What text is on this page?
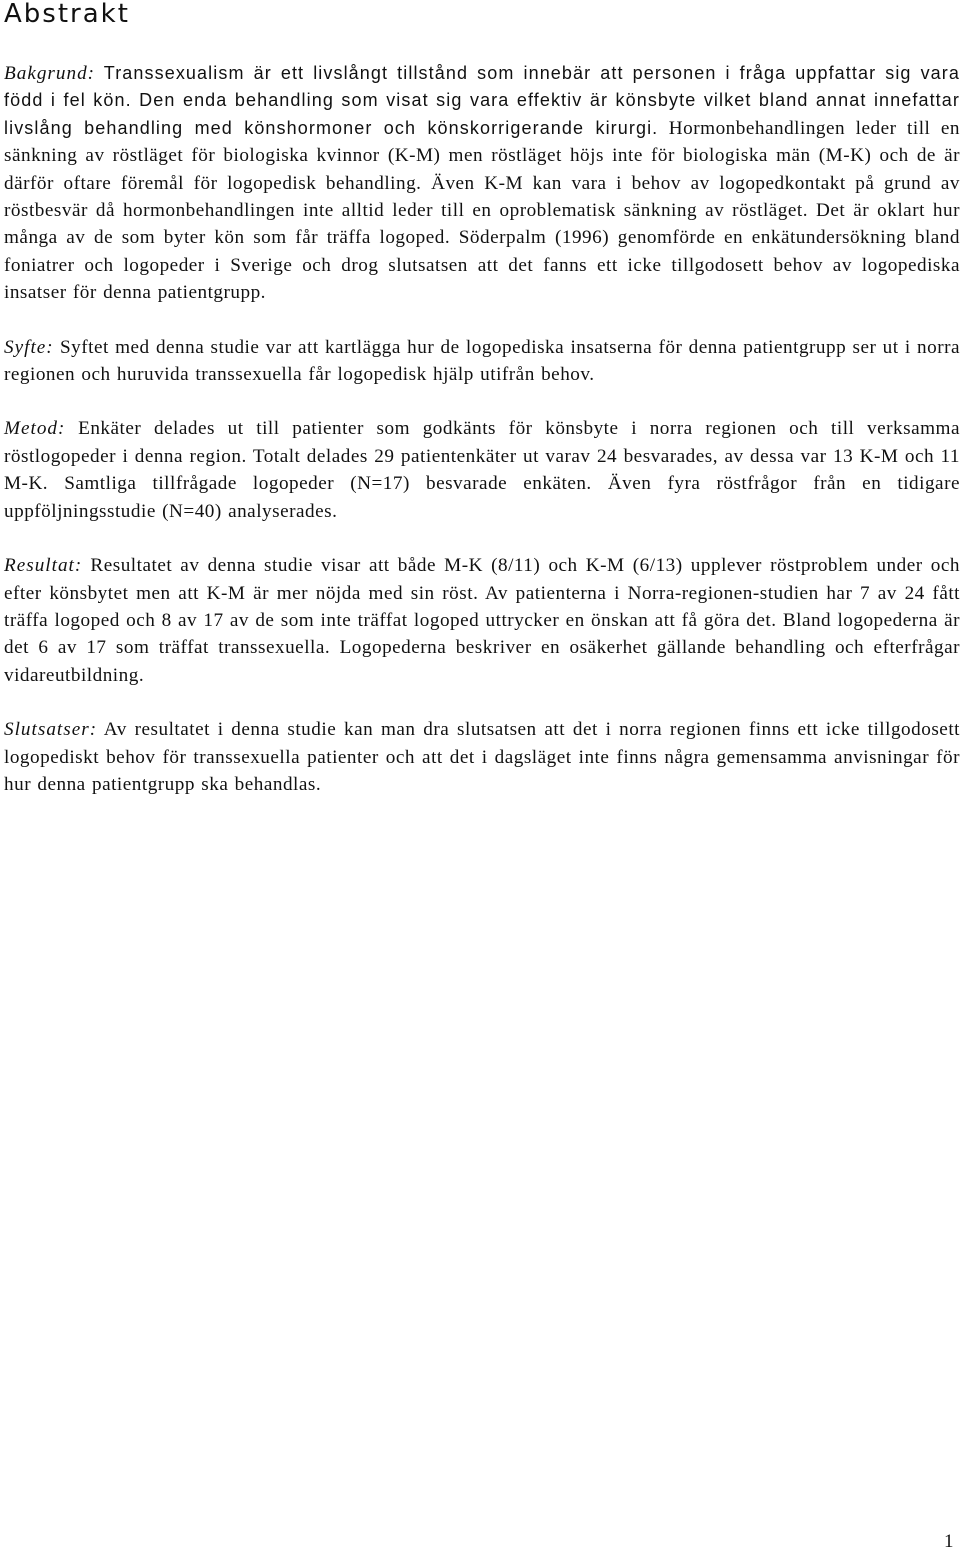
Abstrakt

Bakgrund: Transsexualism är ett livslångt tillstånd som innebär att personen i fråga uppfattar sig vara född i fel kön. Den enda behandling som visat sig vara effektiv är könsbyte vilket bland annat innefattar livslång behandling med könshormoner och könskorrigerande kirurgi. Hormonbehandlingen leder till en sänkning av röstläget för biologiska kvinnor (K-M) men röstläget höjs inte för biologiska män (M-K) och de är därför oftare föremål för logopedisk behandling. Även K-M kan vara i behov av logopedkontakt på grund av röstbesvär då hormonbehandlingen inte alltid leder till en oproblematisk sänkning av röstläget. Det är oklart hur många av de som byter kön som får träffa logoped. Söderpalm (1996) genomförde en enkätundersökning bland foniatrer och logopeder i Sverige och drog slutsatsen att det fanns ett icke tillgodosett behov av logopediska insatser för denna patientgrupp.

Syfte: Syftet med denna studie var att kartlägga hur de logopediska insatserna för denna patientgrupp ser ut i norra regionen och huruvida transsexuella får logopedisk hjälp utifrån behov.

Metod: Enkäter delades ut till patienter som godkänts för könsbyte i norra regionen och till verksamma röstlogopeder i denna region. Totalt delades 29 patientenkäter ut varav 24 besvarades, av dessa var 13 K-M och 11 M-K. Samtliga tillfrågade logopeder (N=17) besvarade enkäten. Även fyra röstfrågor från en tidigare uppföljningsstudie (N=40) analyserades.

Resultat: Resultatet av denna studie visar att både M-K (8/11) och K-M (6/13) upplever röstproblem under och efter könsbytet men att K-M är mer nöjda med sin röst. Av patienterna i Norra-regionen-studien har 7 av 24 fått träffa logoped och 8 av 17 av de som inte träffat logoped uttrycker en önskan att få göra det. Bland logopederna är det 6 av 17 som träffat transsexuella. Logopederna beskriver en osäkerhet gällande behandling och efterfrågar vidareutbildning.

Slutsatser: Av resultatet i denna studie kan man dra slutsatsen att det i norra regionen finns ett icke tillgodosett logopediskt behov för transsexuella patienter och att det i dagsläget inte finns några gemensamma anvisningar för hur denna patientgrupp ska behandlas.

1
